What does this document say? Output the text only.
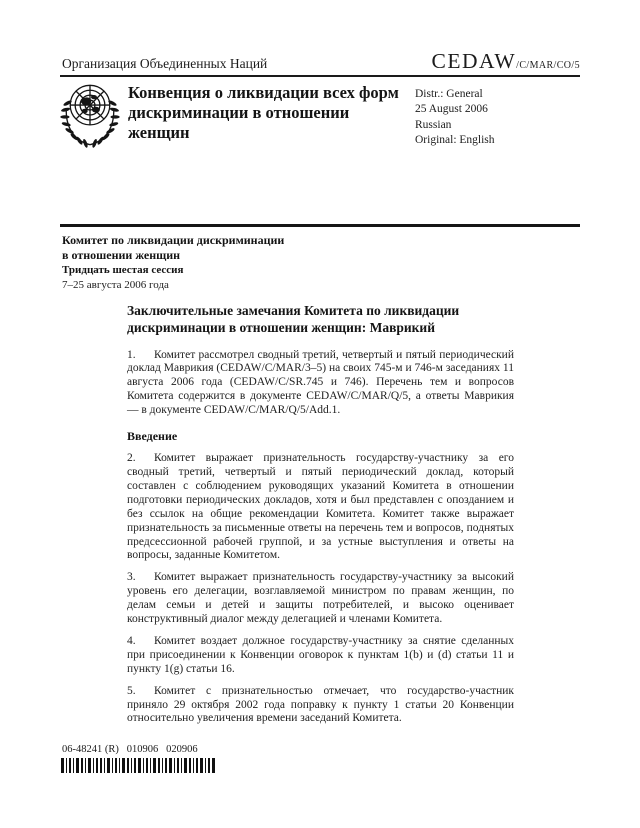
Организация Объединенных Наций	CEDAW/C/MAR/CO/5
Конвенция о ликвидации всех форм дискриминации в отношении женщин
Distr.: General
25 August 2006
Russian
Original: English
Комитет по ликвидации дискриминации
в отношении женщин
Тридцать шестая сессия
7–25 августа 2006 года
Заключительные замечания Комитета по ликвидации дискриминации в отношении женщин: Маврикий

1. Комитет рассмотрел сводный третий, четвертый и пятый периодический доклад Маврикия (CEDAW/C/MAR/3–5) на своих 745-м и 746-м заседаниях 11 августа 2006 года (CEDAW/C/SR.745 и 746). Перечень тем и вопросов Комитета содержится в документе CEDAW/C/MAR/Q/5, а ответы Маврикия — в документе CEDAW/C/MAR/Q/5/Add.1.

Введение

2. Комитет выражает признательность государству-участнику за его сводный третий, четвертый и пятый периодический доклад, который составлен с соблюдением руководящих указаний Комитета в отношении подготовки периодических докладов, хотя и был представлен с опозданием и без ссылок на общие рекомендации Комитета. Комитет также выражает признательность за письменные ответы на перечень тем и вопросов, поднятых предсессионной рабочей группой, и за устные выступления и ответы на вопросы, заданные Комитетом.

3. Комитет выражает признательность государству-участнику за высокий уровень его делегации, возглавляемой министром по правам женщин, по делам семьи и детей и защиты потребителей, и высоко оценивает конструктивный диалог между делегацией и членами Комитета.

4. Комитет воздает должное государству-участнику за снятие сделанных при присоединении к Конвенции оговорок к пунктам 1(b) и (d) статьи 11 и пункту 1(g) статьи 16.

5. Комитет с признательностью отмечает, что государство-участник приняло 29 октября 2002 года поправку к пункту 1 статьи 20 Конвенции относительно увеличения времени заседаний Комитета.

06-48241 (R)   010906   020906
